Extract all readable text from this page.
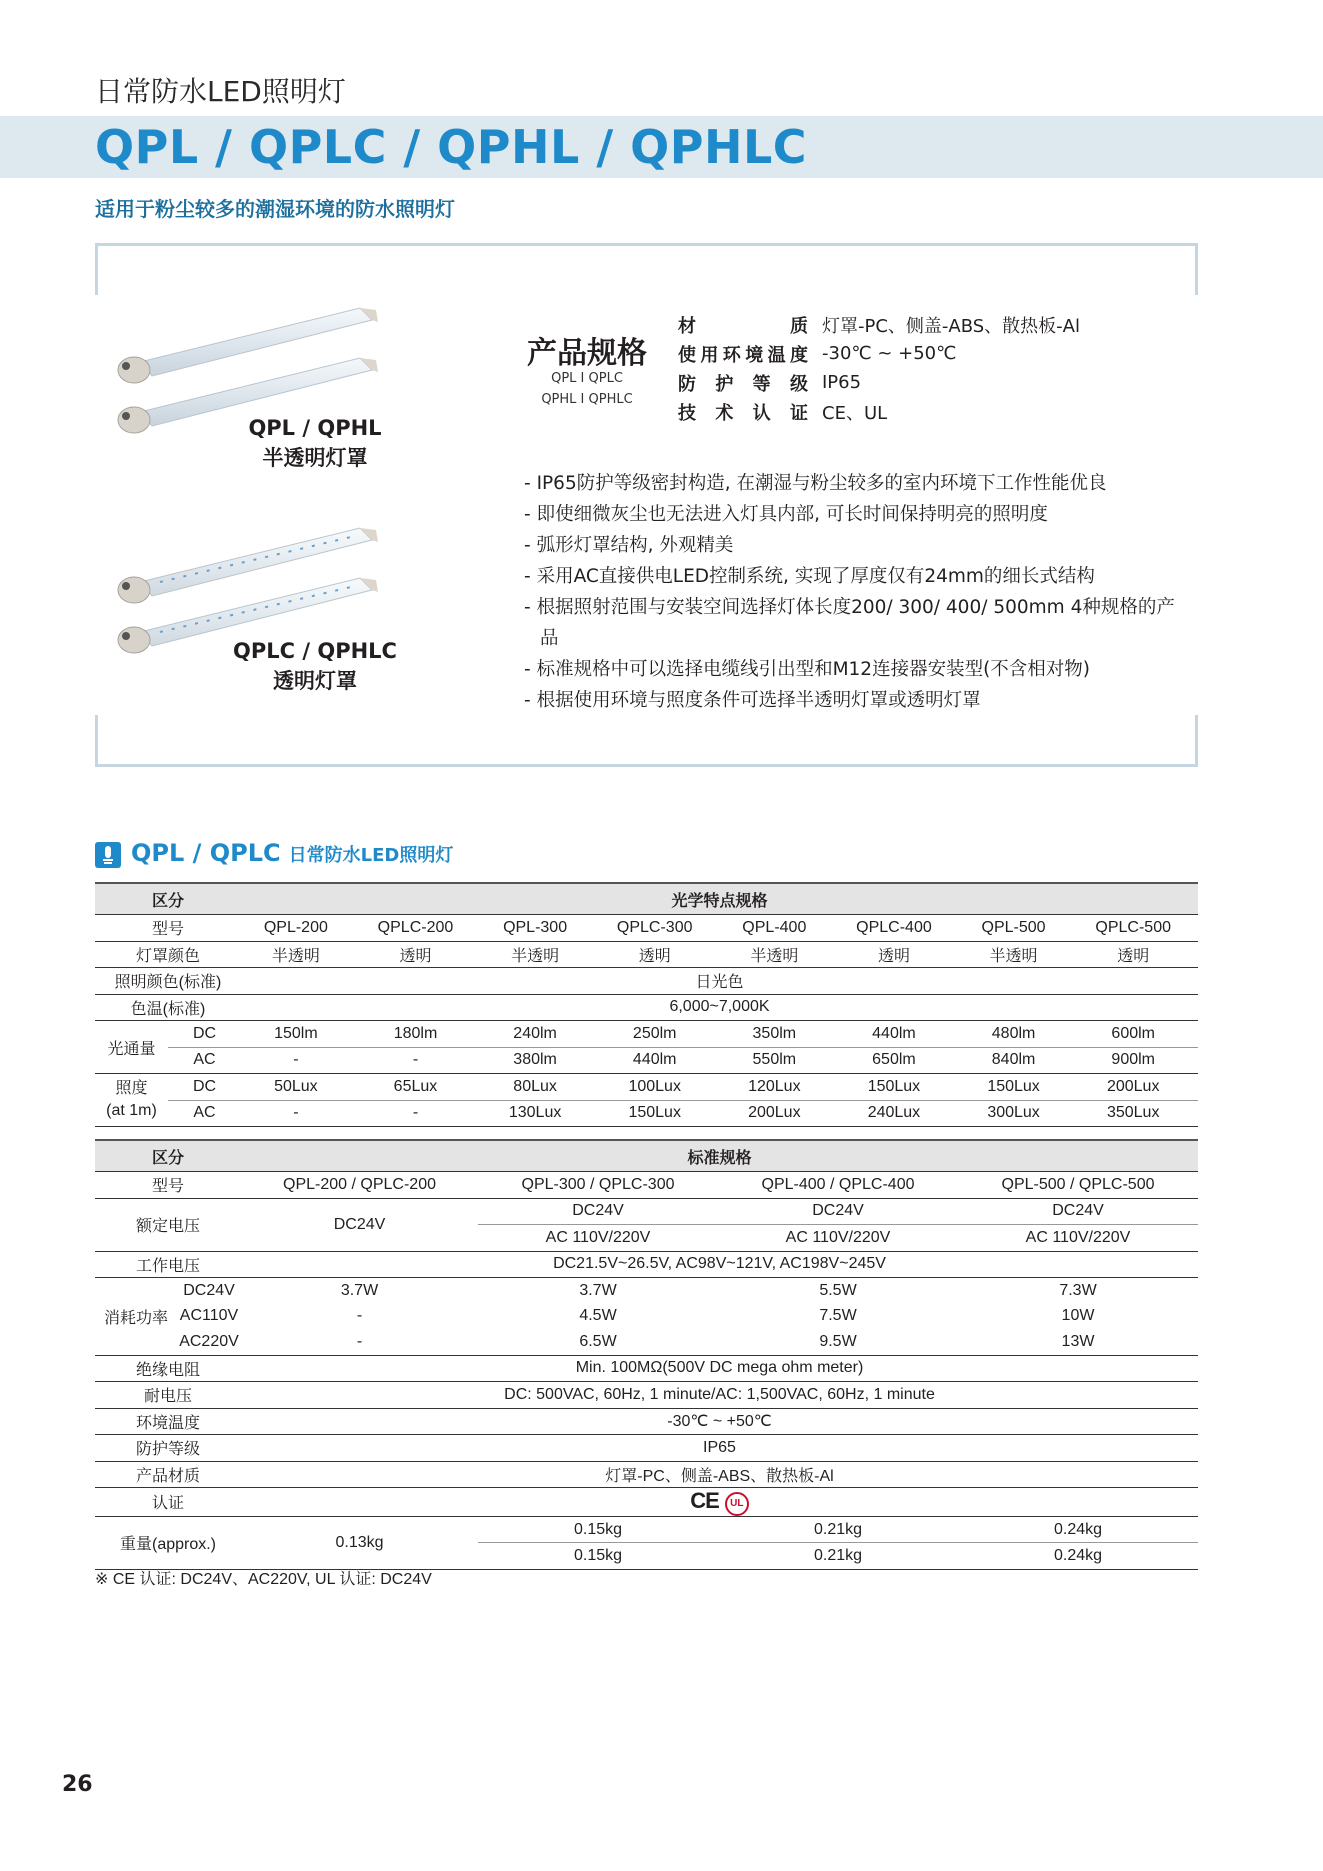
日常防水LED照明灯
QPL / QPLC / QPHL / QPHLC
适用于粉尘较多的潮湿环境的防水照明灯
QPL / QPHL
半透明灯罩
QPLC / QPHLC
透明灯罩
产品规格
QPL Ι QPLC
QPHL Ι QPHLC
材质	灯罩-PC、侧盖-ABS、散热板-Al
使用环境温度	-30℃ ~ +50℃
防护等级	IP65
技术认证	CE、UL
- IP65防护等级密封构造, 在潮湿与粉尘较多的室内环境下工作性能优良
- 即使细微灰尘也无法进入灯具内部, 可长时间保持明亮的照明度
- 弧形灯罩结构, 外观精美
- 采用AC直接供电LED控制系统, 实现了厚度仅有24mm的细长式结构
- 根据照射范围与安装空间选择灯体长度200/ 300/ 400/ 500mm 4种规格的产品
- 标准规格中可以选择电缆线引出型和M12连接器安装型(不含相对物)
- 根据使用环境与照度条件可选择半透明灯罩或透明灯罩
QPL / QPLC 日常防水LED照明灯
区分		光学特点规格							
型号		QPL-200	QPLC-200	QPL-300	QPLC-300	QPL-400	QPLC-400	QPL-500	QPLC-500
灯罩颜色		半透明	透明	半透明	透明	半透明	透明	半透明	透明
照明颜色(标准)		日光色							
色温(标准)		6,000~7,000K							
光通量	DC	150lm	180lm	240lm	250lm	350lm	440lm	480lm	600lm
	AC	-	-	380lm	440lm	550lm	650lm	840lm	900lm

照度
(at 1m)	DC	50Lux	65Lux	80Lux	100Lux	120Lux	150Lux	150Lux	200Lux
	AC	-	-	130Lux	150Lux	200Lux	240Lux	300Lux	350Lux
区分		标准规格			
型号		QPL-200 / QPLC-200	QPL-300 / QPLC-300	QPL-400 / QPLC-400	QPL-500 / QPLC-500
额定电压		DC24V	DC24V	DC24V	DC24V
			AC 110V/220V	AC 110V/220V	AC 110V/220V
工作电压		DC21.5V~26.5V, AC98V~121V, AC198V~245V			
消耗功率	DC24V	3.7W	3.7W	5.5W	7.3W
	AC110V	-	4.5W	7.5W	10W
	AC220V	-	6.5W	9.5W	13W
绝缘电阻		Min. 100MΩ(500V DC mega ohm meter)			
耐电压		DC: 500VAC, 60Hz, 1 minute/AC: 1,500VAC, 60Hz, 1 minute			
环境温度		-30℃ ~ +50℃			
防护等级		IP65			
产品材质		灯罩-PC、侧盖-ABS、散热板-Al			
认证		CE UL			
重量(approx.)		0.13kg	0.15kg	0.21kg	0.24kg
			0.15kg	0.21kg	0.24kg
※ CE 认证: DC24V、AC220V, UL 认证: DC24V
26
